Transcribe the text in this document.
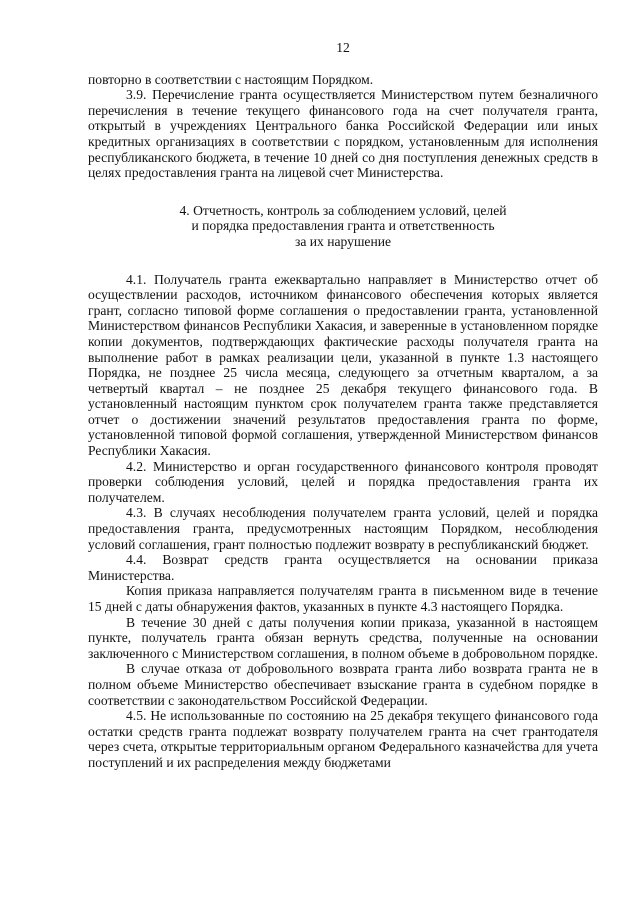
12

повторно в соответствии с настоящим Порядком.

3.9. Перечисление гранта осуществляется Министерством путем безналичного перечисления в течение текущего финансового года на счет получателя гранта, открытый в учреждениях Центрального банка Российской Федерации или иных кредитных организациях в соответствии с порядком, установленным для исполнения республиканского бюджета, в течение 10 дней со дня поступления денежных средств в целях предоставления гранта на лицевой счет Министерства.

4. Отчетность, контроль за соблюдением условий, целей
и порядка предоставления гранта и ответственность
за их нарушение

4.1. Получатель гранта ежеквартально направляет в Министерство отчет об осуществлении расходов, источником финансового обеспечения которых является грант, согласно типовой форме соглашения о предоставлении гранта, установленной Министерством финансов Республики Хакасия, и заверенные в установленном порядке копии документов, подтверждающих фактические расходы получателя гранта на выполнение работ в рамках реализации цели, указанной в пункте 1.3 настоящего Порядка, не позднее 25 числа месяца, следующего за отчетным кварталом, а за четвертый квартал – не позднее 25 декабря текущего финансового года. В установленный настоящим пунктом срок получателем гранта также представляется отчет о достижении значений результатов предоставления гранта по форме, установленной типовой формой соглашения, утвержденной Министерством финансов Республики Хакасия.

4.2. Министерство и орган государственного финансового контроля проводят проверки соблюдения условий, целей и порядка предоставления гранта их получателем.

4.3. В случаях несоблюдения получателем гранта условий, целей и порядка предоставления гранта, предусмотренных настоящим Порядком, несоблюдения условий соглашения, грант полностью подлежит возврату в республиканский бюджет.

4.4. Возврат средств гранта осуществляется на основании приказа Министерства.

Копия приказа направляется получателям гранта в письменном виде в течение 15 дней с даты обнаружения фактов, указанных в пункте 4.3 настоящего Порядка.

В течение 30 дней с даты получения копии приказа, указанной в настоящем пункте, получатель гранта обязан вернуть средства, полученные на основании заключенного с Министерством соглашения, в полном объеме в добровольном порядке.

В случае отказа от добровольного возврата гранта либо возврата гранта не в полном объеме Министерство обеспечивает взыскание гранта в судебном порядке в соответствии с законодательством Российской Федерации.

4.5. Не использованные по состоянию на 25 декабря текущего финансового года остатки средств гранта подлежат возврату получателем гранта на счет грантодателя через счета, открытые территориальным органом Федерального казначейства для учета поступлений и их распределения между бюджетами
